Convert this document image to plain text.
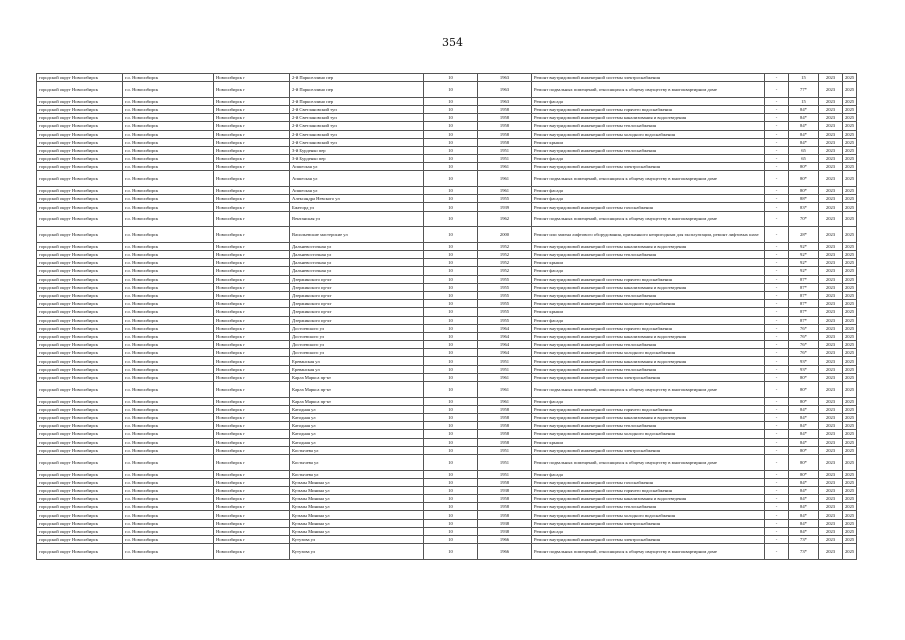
354
городской округ Новосибирск	г.о. Новосибирск	Новосибирск г	2-й Паркселлино пер	10	1963	Ремонт внутридомовой инженерной системы электроснабжения	-	15	2023	2025
городской округ Новосибирск	г.о. Новосибирск	Новосибирск г	2-й Паркселлино пер	10	1963	Ремонт подвальных помещений, относящихся к общему имуществу в многоквартирном доме	-	77*	2023	2025
городской округ Новосибирск	г.о. Новосибирск	Новосибирск г	2-й Паркселлино пер	10	1963	Ремонт фасада	-	15	2023	2025
городской округ Новосибирск	г.о. Новосибирск	Новосибирск г	2-й Светлановский туп	10	1958	Ремонт внутридомовой инженерной системы горячего водоснабжения	-	84*	2023	2025
городской округ Новосибирск	г.о. Новосибирск	Новосибирск г	2-й Светлановский туп	10	1958	Ремонт внутридомовой инженерной системы канализования и водоотведения	-	84*	2023	2025
городской округ Новосибирск	г.о. Новосибирск	Новосибирск г	2-й Светлановский туп	10	1958	Ремонт внутридомовой инженерной системы теплоснабжения	-	84*	2023	2025
городской округ Новосибирск	г.о. Новосибирск	Новосибирск г	2-й Светлановский туп	10	1958	Ремонт внутридомовой инженерной системы холодного водоснабжения	-	84*	2023	2025
городской округ Новосибирск	г.о. Новосибирск	Новосибирск г	2-й Светлановский туп	10	1958	Ремонт крыши	-	84*	2023	2025
городской округ Новосибирск	г.о. Новосибирск	Новосибирск г	3-й Бурденко пер	10	1951	Ремонт внутридомовой инженерной системы теплоснабжения	-	65	2023	2025
городской округ Новосибирск	г.о. Новосибирск	Новосибирск г	3-й Бурденко пер	10	1951	Ремонт фасада	-	65	2023	2025
городской округ Новосибирск	г.о. Новосибирск	Новосибирск г	Апшеская ул	10	1961	Ремонт внутридомовой инженерной системы электроснабжения	-	80*	2023	2025
городской округ Новосибирск	г.о. Новосибирск	Новосибирск г	Апшеская ул	10	1961	Ремонт подвальных помещений, относящихся к общему имуществу в многоквартирном доме	-	80*	2023	2025
городской округ Новосибирск	г.о. Новосибирск	Новосибирск г	Апшеская ул	10	1961	Ремонт фасада	-	80*	2023	2025
городской округ Новосибирск	г.о. Новосибирск	Новосибирск г	Александра Невского ул	10	1955	Ремонт фасада	-	88*	2023	2025
городской округ Новосибирск	г.о. Новосибирск	Новосибирск г	Бжегорд ул	10	1939	Ремонт внутридомовой инженерной системы газоснабжения	-	83*	2023	2025
городской округ Новосибирск	г.о. Новосибирск	Новосибирск г	Вентанская ул	10	1962	Ремонт подвальных помещений, относящихся к общему имуществу в многоквартирном доме	-	70*	2023	2025
городской округ Новосибирск	г.о. Новосибирск	Новосибирск г	Васильевские мастерские ул	10	2000	Ремонт или замена лифтового оборудования, признанного непригодным для эксплуатации, ремонт лифтовых шахт	-	28*	2023	2025
городской округ Новосибирск	г.о. Новосибирск	Новосибирск г	Дальневосточная ул	10	1952	Ремонт внутридомовой инженерной системы канализования и водоотведения	-	92*	2023	2025
городской округ Новосибирск	г.о. Новосибирск	Новосибирск г	Дальневосточная ул	10	1952	Ремонт внутридомовой инженерной системы теплоснабжения	-	92*	2023	2025
городской округ Новосибирск	г.о. Новосибирск	Новосибирск г	Дальневосточная ул	10	1952	Ремонт крыши	-	92*	2023	2025
городской округ Новосибирск	г.о. Новосибирск	Новосибирск г	Дальневосточная ул	10	1952	Ремонт фасада	-	92*	2023	2025
городской округ Новосибирск	г.о. Новосибирск	Новосибирск г	Дзержинского пр-кт	10	1955	Ремонт внутридомовой инженерной системы горячего водоснабжения	-	87*	2023	2025
городской округ Новосибирск	г.о. Новосибирск	Новосибирск г	Дзержинского пр-кт	10	1955	Ремонт внутридомовой инженерной системы канализования и водоотведения	-	87*	2023	2025
городской округ Новосибирск	г.о. Новосибирск	Новосибирск г	Дзержинского пр-кт	10	1955	Ремонт внутридомовой инженерной системы теплоснабжения	-	87*	2023	2025
городской округ Новосибирск	г.о. Новосибирск	Новосибирск г	Дзержинского пр-кт	10	1955	Ремонт внутридомовой инженерной системы холодного водоснабжения	-	87*	2023	2025
городской округ Новосибирск	г.о. Новосибирск	Новосибирск г	Дзержинского пр-кт	10	1955	Ремонт крыши	-	87*	2023	2025
городской округ Новосибирск	г.о. Новосибирск	Новосибирск г	Дзержинского пр-кт	10	1955	Ремонт фасада	-	87*	2023	2025
городской округ Новосибирск	г.о. Новосибирск	Новосибирск г	Достоевского ул	10	1964	Ремонт внутридомовой инженерной системы горячего водоснабжения	-	76*	2023	2025
городской округ Новосибирск	г.о. Новосибирск	Новосибирск г	Достоевского ул	10	1964	Ремонт внутридомовой инженерной системы канализования и водоотведения	-	76*	2023	2025
городской округ Новосибирск	г.о. Новосибирск	Новосибирск г	Достоевского ул	10	1964	Ремонт внутридомовой инженерной системы теплоснабжения	-	76*	2023	2025
городской округ Новосибирск	г.о. Новосибирск	Новосибирск г	Достоевского ул	10	1964	Ремонт внутридомовой инженерной системы холодного водоснабжения	-	76*	2023	2025
городской округ Новосибирск	г.о. Новосибирск	Новосибирск г	Ереванская ул	10	1951	Ремонт внутридомовой инженерной системы канализования и водоотведения	-	93*	2023	2025
городской округ Новосибирск	г.о. Новосибирск	Новосибирск г	Ереванская ул	10	1951	Ремонт внутридомовой инженерной системы теплоснабжения	-	93*	2023	2025
городской округ Новосибирск	г.о. Новосибирск	Новосибирск г	Карла Маркса пр-кт	10	1961	Ремонт внутридомовой инженерной системы электроснабжения	-	80*	2023	2025
городской округ Новосибирск	г.о. Новосибирск	Новосибирск г	Карла Маркса пр-кт	10	1961	Ремонт подвальных помещений, относящихся к общему имуществу в многоквартирном доме	-	80*	2023	2025
городской округ Новосибирск	г.о. Новосибирск	Новосибирск г	Карла Маркса пр-кт	10	1961	Ремонт фасада	-	80*	2023	2025
городской округ Новосибирск	г.о. Новосибирск	Новосибирск г	Катодная ул	10	1958	Ремонт внутридомовой инженерной системы горячего водоснабжения	-	84*	2023	2025
городской округ Новосибирск	г.о. Новосибирск	Новосибирск г	Катодная ул	10	1958	Ремонт внутридомовой инженерной системы канализования и водоотведения	-	84*	2023	2025
городской округ Новосибирск	г.о. Новосибирск	Новосибирск г	Катодная ул	10	1958	Ремонт внутридомовой инженерной системы теплоснабжения	-	84*	2023	2025
городской округ Новосибирск	г.о. Новосибирск	Новосибирск г	Катодная ул	10	1958	Ремонт внутридомовой инженерной системы холодного водоснабжения	-	84*	2023	2025
городской округ Новосибирск	г.о. Новосибирск	Новосибирск г	Катодная ул	10	1958	Ремонт крыши	-	84*	2023	2025
городской округ Новосибирск	г.о. Новосибирск	Новосибирск г	Костычева ул	10	1951	Ремонт внутридомовой инженерной системы электроснабжения	-	80*	2023	2025
городской округ Новосибирск	г.о. Новосибирск	Новосибирск г	Костычева ул	10	1951	Ремонт подвальных помещений, относящихся к общему имуществу в многоквартирном доме	-	80*	2023	2025
городской округ Новосибирск	г.о. Новосибирск	Новосибирск г	Костычева ул	10	1951	Ремонт фасада	-	80*	2023	2025
городской округ Новосибирск	г.о. Новосибирск	Новосибирск г	Кузьмы Минина ул	10	1958	Ремонт внутридомовой инженерной системы газоснабжения	-	84*	2023	2025
городской округ Новосибирск	г.о. Новосибирск	Новосибирск г	Кузьмы Минина ул	10	1938	Ремонт внутридомовой инженерной системы горячего водоснабжения	-	84*	2023	2025
городской округ Новосибирск	г.о. Новосибирск	Новосибирск г	Кузьмы Минина ул	10	1958	Ремонт внутридомовой инженерной системы канализования и водоотведения	-	84*	2023	2025
городской округ Новосибирск	г.о. Новосибирск	Новосибирск г	Кузьмы Минина ул	10	1958	Ремонт внутридомовой инженерной системы теплоснабжения	-	84*	2023	2025
городской округ Новосибирск	г.о. Новосибирск	Новосибирск г	Кузьмы Минина ул	10	1958	Ремонт внутридомовой инженерной системы холодного водоснабжения	-	84*	2023	2025
городской округ Новосибирск	г.о. Новосибирск	Новосибирск г	Кузьмы Минина ул	10	1938	Ремонт внутридомовой инженерной системы электроснабжения	-	84*	2023	2025
городской округ Новосибирск	г.о. Новосибирск	Новосибирск г	Кузьмы Минина ул	10	1938	Ремонт фасада	-	84*	2023	2025
городской округ Новосибирск	г.о. Новосибирск	Новосибирск г	Кутузова ул	10	1966	Ремонт внутридомовой инженерной системы электроснабжения	-	73*	2023	2025
городской округ Новосибирск	г.о. Новосибирск	Новосибирск г	Кутузова ул	10	1966	Ремонт подвальных помещений, относящихся к общему имуществу в многоквартирном доме	-	73*	2023	2025
